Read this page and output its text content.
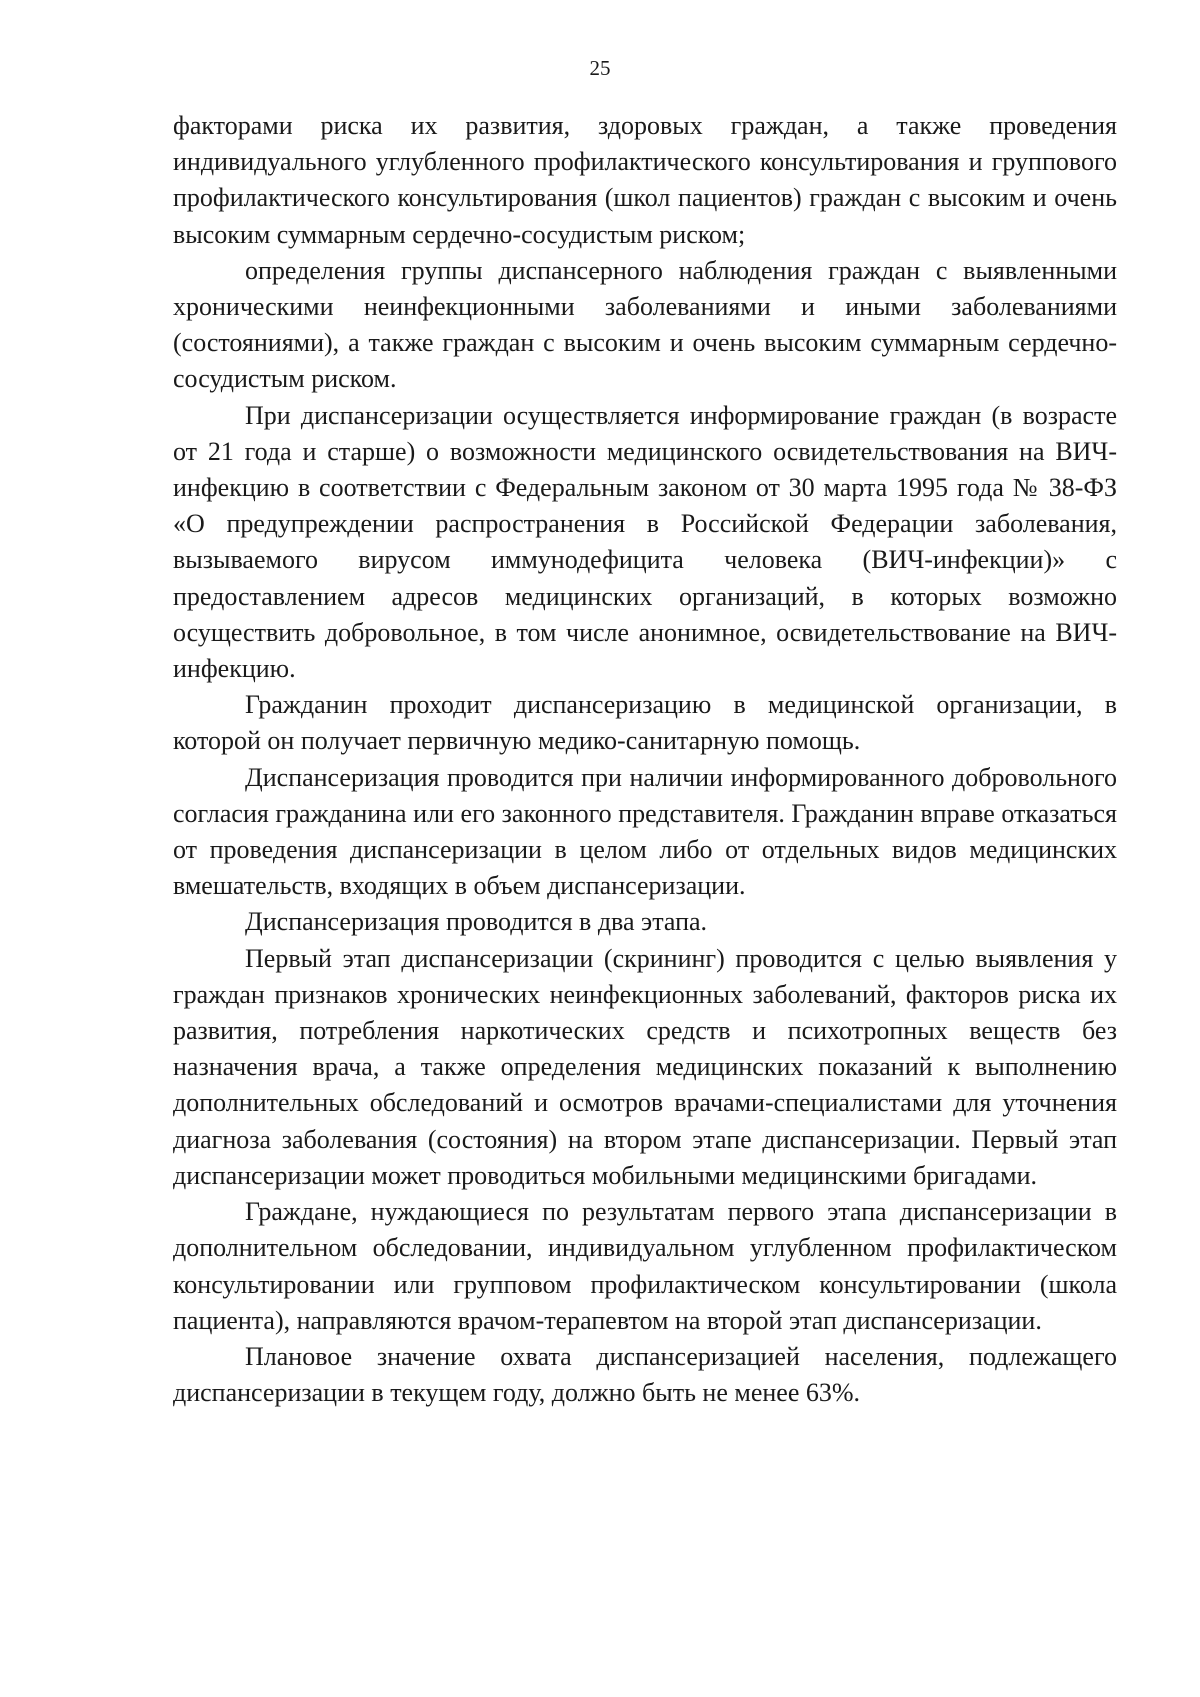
25

факторами риска их развития, здоровых граждан, а также проведения индивидуального углубленного профилактического консультирования и группового профилактического консультирования (школ пациентов) граждан с высоким и очень высоким суммарным сердечно-сосудистым риском;

определения группы диспансерного наблюдения граждан с выявленными хроническими неинфекционными заболеваниями и иными заболеваниями (состояниями), а также граждан с высоким и очень высоким суммарным сердечно-сосудистым риском.

При диспансеризации осуществляется информирование граждан (в возрасте от 21 года и старше) о возможности медицинского освидетельствования на ВИЧ-инфекцию в соответствии с Федеральным законом от 30 марта 1995 года № 38-ФЗ «О предупреждении распространения в Российской Федерации заболевания, вызываемого вирусом иммунодефицита человека (ВИЧ-инфекции)» с предоставлением адресов медицинских организаций, в которых возможно осуществить добровольное, в том числе анонимное, освидетельствование на ВИЧ-инфекцию.

Гражданин проходит диспансеризацию в медицинской организации, в которой он получает первичную медико-санитарную помощь.

Диспансеризация проводится при наличии информированного добровольного согласия гражданина или его законного представителя. Гражданин вправе отказаться от проведения диспансеризации в целом либо от отдельных видов медицинских вмешательств, входящих в объем диспансеризации.

Диспансеризация проводится в два этапа.

Первый этап диспансеризации (скрининг) проводится с целью выявления у граждан признаков хронических неинфекционных заболеваний, факторов риска их развития, потребления наркотических средств и психотропных веществ без назначения врача, а также определения медицинских показаний к выполнению дополнительных обследований и осмотров врачами-специалистами для уточнения диагноза заболевания (состояния) на втором этапе диспансеризации. Первый этап диспансеризации может проводиться мобильными медицинскими бригадами.

Граждане, нуждающиеся по результатам первого этапа диспансеризации в дополнительном обследовании, индивидуальном углубленном профилактическом консультировании или групповом профилактическом консультировании (школа пациента), направляются врачом-терапевтом на второй этап диспансеризации.

Плановое значение охвата диспансеризацией населения, подлежащего диспансеризации в текущем году, должно быть не менее 63%.
